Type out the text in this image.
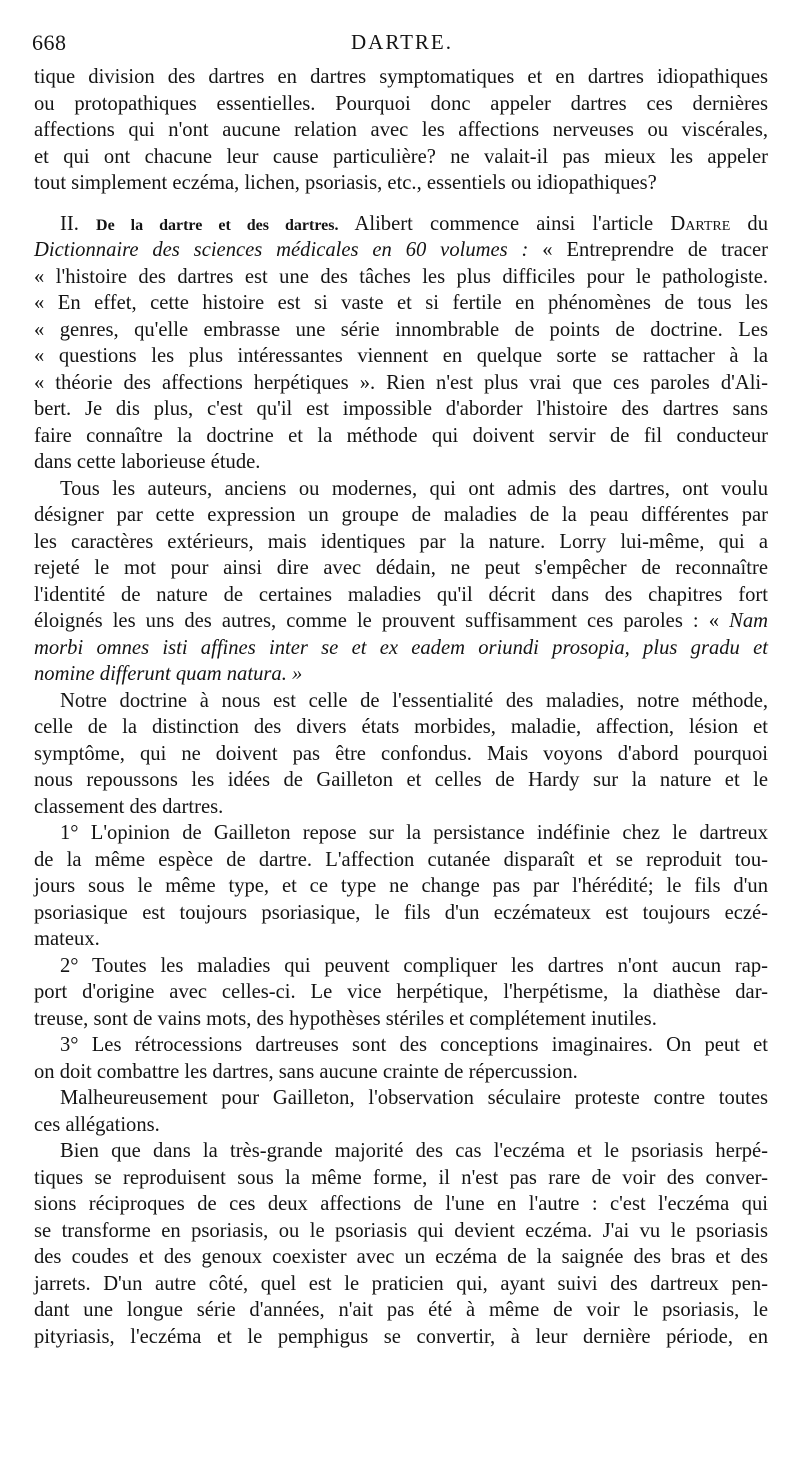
668	DARTRE.
tique division des dartres en dartres symptomatiques et en dartres idiopathiques
ou protopathiques essentielles. Pourquoi donc appeler dartres ces dernières
affections qui n'ont aucune relation avec les affections nerveuses ou viscérales,
et qui ont chacune leur cause particulière? ne valait-il pas mieux les appeler
tout simplement eczéma, lichen, psoriasis, etc., essentiels ou idiopathiques?
II. De la dartre et des dartres. Alibert commence ainsi l'article Dartre du
Dictionnaire des sciences médicales en 60 volumes : « Entreprendre de tracer
« l'histoire des dartres est une des tâches les plus difficiles pour le pathologiste.
« En effet, cette histoire est si vaste et si fertile en phénomènes de tous les
« genres, qu'elle embrasse une série innombrable de points de doctrine. Les
« questions les plus intéressantes viennent en quelque sorte se rattacher à la
« théorie des affections herpétiques ». Rien n'est plus vrai que ces paroles d'Ali-
bert. Je dis plus, c'est qu'il est impossible d'aborder l'histoire des dartres sans
faire connaître la doctrine et la méthode qui doivent servir de fil conducteur
dans cette laborieuse étude.
Tous les auteurs, anciens ou modernes, qui ont admis des dartres, ont voulu
désigner par cette expression un groupe de maladies de la peau différentes par
les caractères extérieurs, mais identiques par la nature. Lorry lui-même, qui a
rejeté le mot pour ainsi dire avec dédain, ne peut s'empêcher de reconnaître
l'identité de nature de certaines maladies qu'il décrit dans des chapitres fort
éloignés les uns des autres, comme le prouvent suffisamment ces paroles : « Nam
morbi omnes isti affines inter se et ex eadem oriundi prosopia, plus gradu et
nomine differunt quam natura. »
Notre doctrine à nous est celle de l'essentialité des maladies, notre méthode,
celle de la distinction des divers états morbides, maladie, affection, lésion et
symptôme, qui ne doivent pas être confondus. Mais voyons d'abord pourquoi
nous repoussons les idées de Gailleton et celles de Hardy sur la nature et le
classement des dartres.
1° L'opinion de Gailleton repose sur la persistance indéfinie chez le dartreux
de la même espèce de dartre. L'affection cutanée disparaît et se reproduit tou-
jours sous le même type, et ce type ne change pas par l'hérédité; le fils d'un
psoriasique est toujours psoriasique, le fils d'un eczémateux est toujours eczé-
mateux.
2° Toutes les maladies qui peuvent compliquer les dartres n'ont aucun rap-
port d'origine avec celles-ci. Le vice herpétique, l'herpétisme, la diathèse dar-
treuse, sont de vains mots, des hypothèses stériles et complétement inutiles.
3° Les rétrocessions dartreuses sont des conceptions imaginaires. On peut et
on doit combattre les dartres, sans aucune crainte de répercussion.
Malheureusement pour Gailleton, l'observation séculaire proteste contre toutes
ces allégations.
Bien que dans la très-grande majorité des cas l'eczéma et le psoriasis herpé-
tiques se reproduisent sous la même forme, il n'est pas rare de voir des conver-
sions réciproques de ces deux affections de l'une en l'autre : c'est l'eczéma qui
se transforme en psoriasis, ou le psoriasis qui devient eczéma. J'ai vu le psoriasis
des coudes et des genoux coexister avec un eczéma de la saignée des bras et des
jarrets. D'un autre côté, quel est le praticien qui, ayant suivi des dartreux pen-
dant une longue série d'années, n'ait pas été à même de voir le psoriasis, le
pityriasis, l'eczéma et le pemphigus se convertir, à leur dernière période, en
